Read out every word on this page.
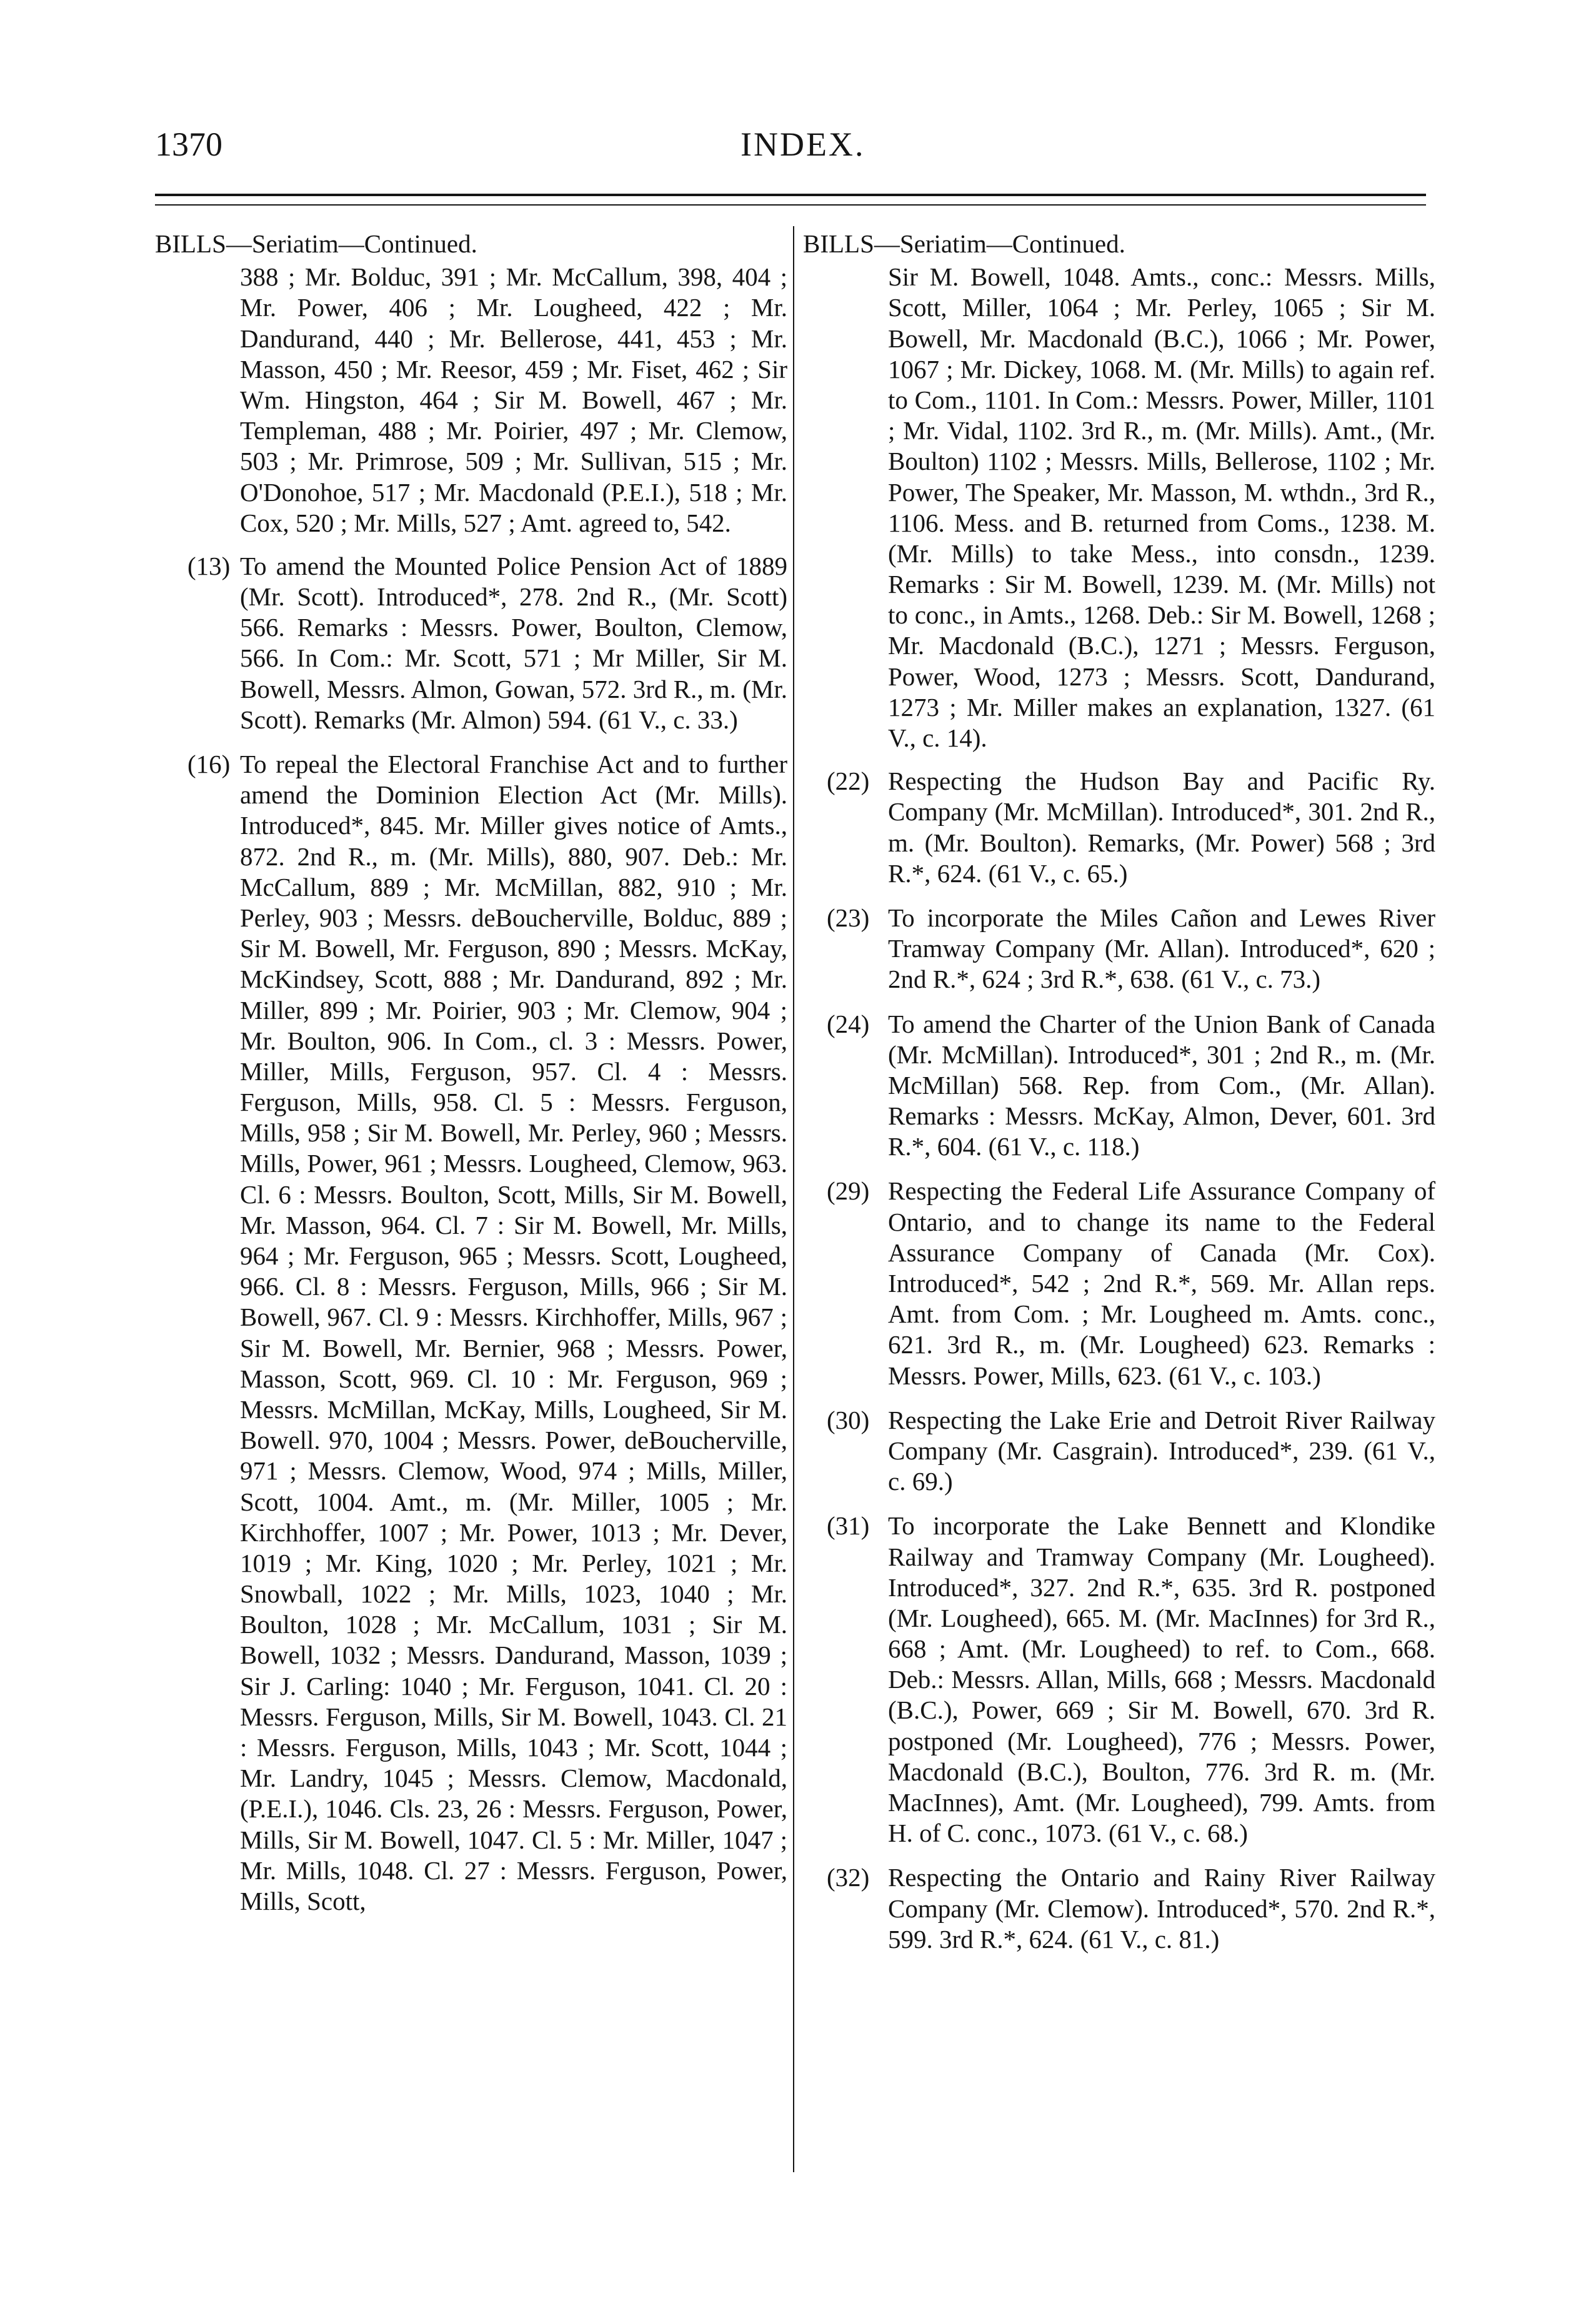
1370	INDEX.

BILLS—Seriatim—Continued.

388 ; Mr. Bolduc, 391 ; Mr. McCallum, 398, 404 ; Mr. Power, 406 ; Mr. Lougheed, 422 ; Mr. Dandurand, 440 ; Mr. Bellerose, 441, 453 ; Mr. Masson, 450 ; Mr. Reesor, 459 ; Mr. Fiset, 462 ; Sir Wm. Hingston, 464 ; Sir M. Bowell, 467 ; Mr. Templeman, 488 ; Mr. Poirier, 497 ; Mr. Clemow, 503 ; Mr. Primrose, 509 ; Mr. Sullivan, 515 ; Mr. O'Donohoe, 517 ; Mr. Macdonald (P.E.I.), 518 ; Mr. Cox, 520 ; Mr. Mills, 527 ; Amt. agreed to, 542.

(13) To amend the Mounted Police Pension Act of 1889 (Mr. Scott). Introduced*, 278. 2nd R., (Mr. Scott) 566. Remarks : Messrs. Power, Boulton, Clemow, 566. In Com.: Mr. Scott, 571 ; Mr Miller, Sir M. Bowell, Messrs. Almon, Gowan, 572. 3rd R., m. (Mr. Scott). Remarks (Mr. Almon) 594. (61 V., c. 33.)
(16) To repeal the Electoral Franchise Act and to further amend the Dominion Election Act (Mr. Mills). Introduced*, 845. Mr. Miller gives notice of Amts., 872. 2nd R., m. (Mr. Mills), 880, 907. Deb.: Mr. McCallum, 889 ; Mr. McMillan, 882, 910 ; Mr. Perley, 903 ; Messrs. deBoucherville, Bolduc, 889 ; Sir M. Bowell, Mr. Ferguson, 890 ; Messrs. McKay, McKindsey, Scott, 888 ; Mr. Dandurand, 892 ; Mr. Miller, 899 ; Mr. Poirier, 903 ; Mr. Clemow, 904 ; Mr. Boulton, 906. In Com., cl. 3 : Messrs. Power, Miller, Mills, Ferguson, 957. Cl. 4 : Messrs. Ferguson, Mills, 958. Cl. 5 : Messrs. Ferguson, Mills, 958 ; Sir M. Bowell, Mr. Perley, 960 ; Messrs. Mills, Power, 961 ; Messrs. Lougheed, Clemow, 963. Cl. 6 : Messrs. Boulton, Scott, Mills, Sir M. Bowell, Mr. Masson, 964. Cl. 7 : Sir M. Bowell, Mr. Mills, 964 ; Mr. Ferguson, 965 ; Messrs. Scott, Lougheed, 966. Cl. 8 : Messrs. Ferguson, Mills, 966 ; Sir M. Bowell, 967. Cl. 9 : Messrs. Kirchhoffer, Mills, 967 ; Sir M. Bowell, Mr. Bernier, 968 ; Messrs. Power, Masson, Scott, 969. Cl. 10 : Mr. Ferguson, 969 ; Messrs. McMillan, McKay, Mills, Lougheed, Sir M. Bowell. 970, 1004 ; Messrs. Power, deBoucherville, 971 ; Messrs. Clemow, Wood, 974 ; Mills, Miller, Scott, 1004. Amt., m. (Mr. Miller, 1005 ; Mr. Kirchhoffer, 1007 ; Mr. Power, 1013 ; Mr. Dever, 1019 ; Mr. King, 1020 ; Mr. Perley, 1021 ; Mr. Snowball, 1022 ; Mr. Mills, 1023, 1040 ; Mr. Boulton, 1028 ; Mr. McCallum, 1031 ; Sir M. Bowell, 1032 ; Messrs. Dandurand, Masson, 1039 ; Sir J. Carling: 1040 ; Mr. Ferguson, 1041. Cl. 20 : Messrs. Ferguson, Mills, Sir M. Bowell, 1043. Cl. 21 : Messrs. Ferguson, Mills, 1043 ; Mr. Scott, 1044 ; Mr. Landry, 1045 ; Messrs. Clemow, Macdonald, (P.E.I.), 1046. Cls. 23, 26 : Messrs. Ferguson, Power, Mills, Sir M. Bowell, 1047. Cl. 5 : Mr. Miller, 1047 ; Mr. Mills, 1048. Cl. 27 : Messrs. Ferguson, Power, Mills, Scott,

BILLS—Seriatim—Continued.

Sir M. Bowell, 1048. Amts., conc.: Messrs. Mills, Scott, Miller, 1064 ; Mr. Perley, 1065 ; Sir M. Bowell, Mr. Macdonald (B.C.), 1066 ; Mr. Power, 1067 ; Mr. Dickey, 1068. M. (Mr. Mills) to again ref. to Com., 1101. In Com.: Messrs. Power, Miller, 1101 ; Mr. Vidal, 1102. 3rd R., m. (Mr. Mills). Amt., (Mr. Boulton) 1102 ; Messrs. Mills, Bellerose, 1102 ; Mr. Power, The Speaker, Mr. Masson, M. wthdn., 3rd R., 1106. Mess. and B. returned from Coms., 1238. M. (Mr. Mills) to take Mess., into consdn., 1239. Remarks : Sir M. Bowell, 1239. M. (Mr. Mills) not to conc., in Amts., 1268. Deb.: Sir M. Bowell, 1268 ; Mr. Macdonald (B.C.), 1271 ; Messrs. Ferguson, Power, Wood, 1273 ; Messrs. Scott, Dandurand, 1273 ; Mr. Miller makes an explanation, 1327. (61 V., c. 14).

(22) Respecting the Hudson Bay and Pacific Ry. Company (Mr. McMillan). Introduced*, 301. 2nd R., m. (Mr. Boulton). Remarks, (Mr. Power) 568 ; 3rd R.*, 624. (61 V., c. 65.)
(23) To incorporate the Miles Cañon and Lewes River Tramway Company (Mr. Allan). Introduced*, 620 ; 2nd R.*, 624 ; 3rd R.*, 638. (61 V., c. 73.)
(24) To amend the Charter of the Union Bank of Canada (Mr. McMillan). Introduced*, 301 ; 2nd R., m. (Mr. McMillan) 568. Rep. from Com., (Mr. Allan). Remarks : Messrs. McKay, Almon, Dever, 601. 3rd R.*, 604. (61 V., c. 118.)
(29) Respecting the Federal Life Assurance Company of Ontario, and to change its name to the Federal Assurance Company of Canada (Mr. Cox). Introduced*, 542 ; 2nd R.*, 569. Mr. Allan reps. Amt. from Com. ; Mr. Lougheed m. Amts. conc., 621. 3rd R., m. (Mr. Lougheed) 623. Remarks : Messrs. Power, Mills, 623. (61 V., c. 103.)
(30) Respecting the Lake Erie and Detroit River Railway Company (Mr. Casgrain). Introduced*, 239. (61 V., c. 69.)
(31) To incorporate the Lake Bennett and Klondike Railway and Tramway Company (Mr. Lougheed). Introduced*, 327. 2nd R.*, 635. 3rd R. postponed (Mr. Lougheed), 665. M. (Mr. MacInnes) for 3rd R., 668 ; Amt. (Mr. Lougheed) to ref. to Com., 668. Deb.: Messrs. Allan, Mills, 668 ; Messrs. Macdonald (B.C.), Power, 669 ; Sir M. Bowell, 670. 3rd R. postponed (Mr. Lougheed), 776 ; Messrs. Power, Macdonald (B.C.), Boulton, 776. 3rd R. m. (Mr. MacInnes), Amt. (Mr. Lougheed), 799. Amts. from H. of C. conc., 1073. (61 V., c. 68.)
(32) Respecting the Ontario and Rainy River Railway Company (Mr. Clemow). Introduced*, 570. 2nd R.*, 599. 3rd R.*, 624. (61 V., c. 81.)
